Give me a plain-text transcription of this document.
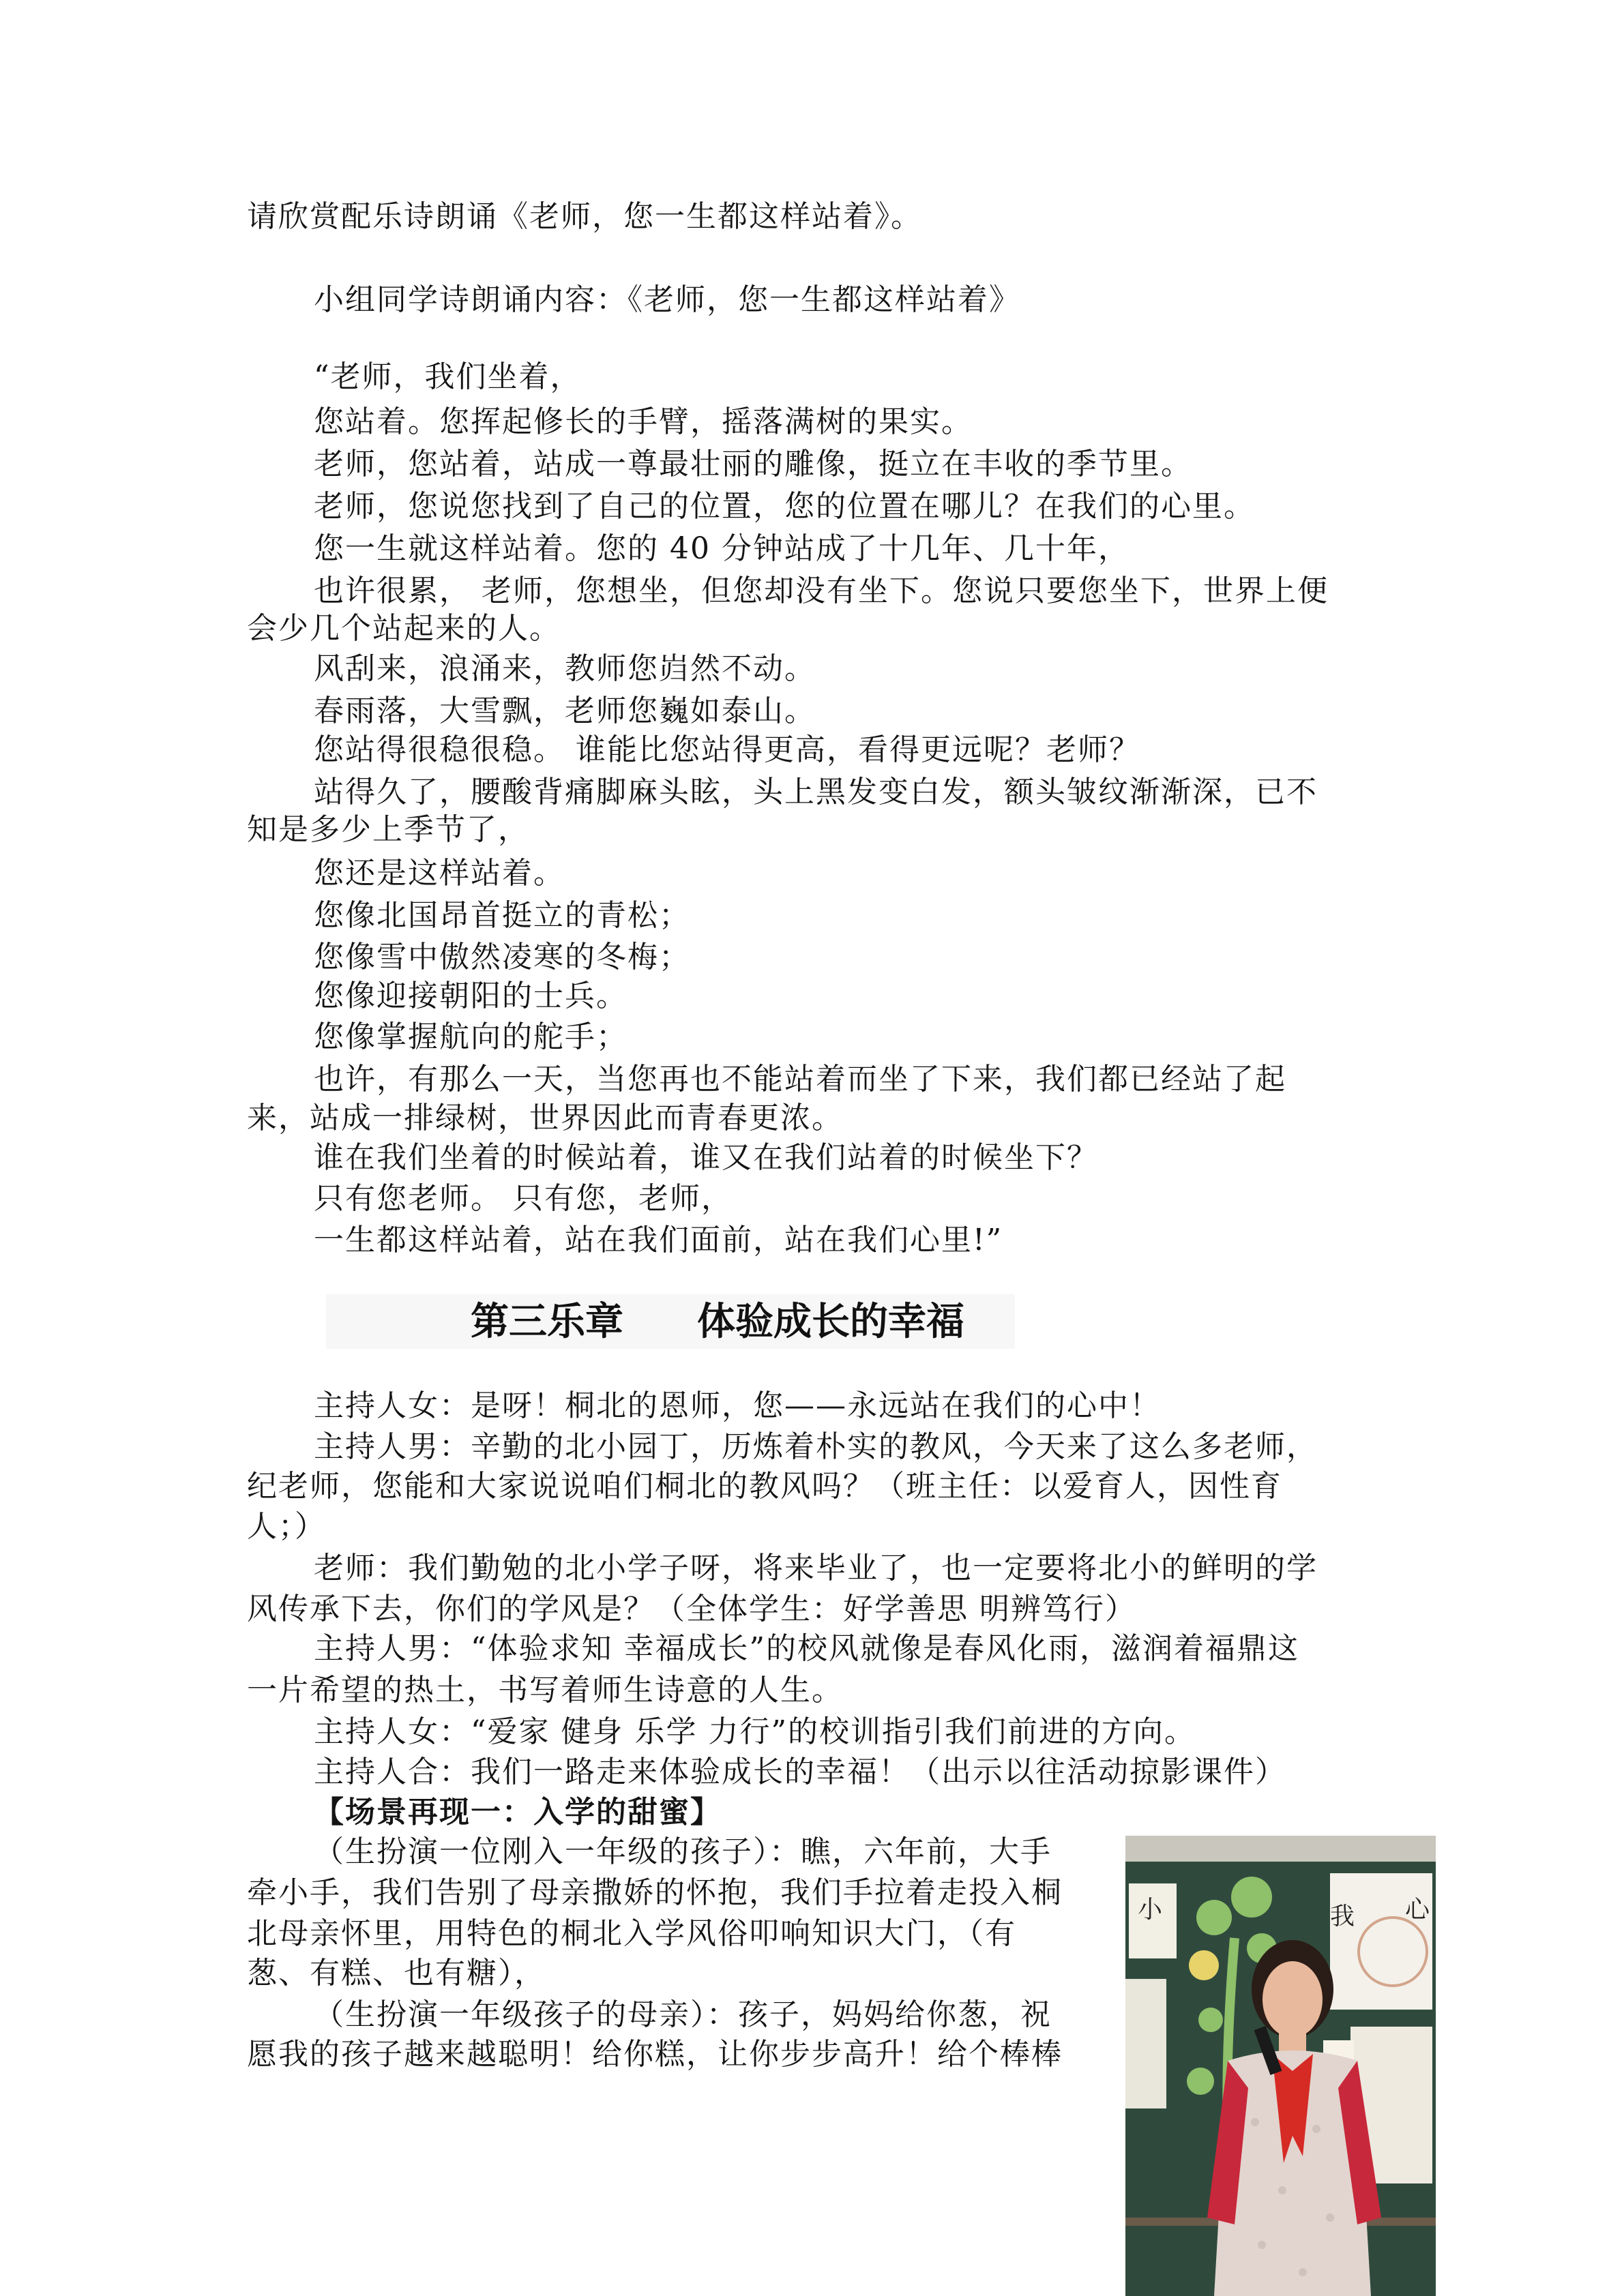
请欣赏配乐诗朗诵《老师，您一生都这样站着》。
小组同学诗朗诵内容：《老师，您一生都这样站着》
“老师，我们坐着，
您站着。您挥起修长的手臂，摇落满树的果实。
老师，您站着，站成一尊最壮丽的雕像，挺立在丰收的季节里。
老师，您说您找到了自己的位置，您的位置在哪儿？在我们的心里。
您一生就这样站着。您的 40 分钟站成了十几年、几十年，
也许很累， 老师，您想坐，但您却没有坐下。您说只要您坐下，世界上便
会少几个站起来的人。
风刮来，浪涌来，教师您岿然不动。
春雨落，大雪飘，老师您巍如泰山。
您站得很稳很稳。 谁能比您站得更高，看得更远呢？老师？
站得久了，腰酸背痛脚麻头眩，头上黑发变白发，额头皱纹渐渐深，已不
知是多少上季节了，
您还是这样站着。
您像北国昂首挺立的青松；
您像雪中傲然凌寒的冬梅；
您像迎接朝阳的士兵。
您像掌握航向的舵手；
也许，有那么一天，当您再也不能站着而坐了下来，我们都已经站了起
来，站成一排绿树，世界因此而青春更浓。
谁在我们坐着的时候站着，谁又在我们站着的时候坐下？
只有您老师。 只有您，老师，
一生都这样站着，站在我们面前，站在我们心里!”
第三乐章 体验成长的幸福
主持人女：是呀！桐北的恩师，您——永远站在我们的心中！
主持人男：辛勤的北小园丁，历炼着朴实的教风，今天来了这么多老师，
纪老师，您能和大家说说咱们桐北的教风吗？（班主任：以爱育人，因性育
人；）
老师：我们勤勉的北小学子呀，将来毕业了，也一定要将北小的鲜明的学
风传承下去，你们的学风是？（全体学生：好学善思 明辨笃行）
主持人男：“体验求知 幸福成长”的校风就像是春风化雨，滋润着福鼎这
一片希望的热土，书写着师生诗意的人生。
主持人女：“爱家 健身 乐学 力行”的校训指引我们前进的方向。
主持人合：我们一路走来体验成长的幸福！（出示以往活动掠影课件）
【场景再现一：入学的甜蜜】
（生扮演一位刚入一年级的孩子）：瞧，六年前，大手
牵小手，我们告别了母亲撒娇的怀抱，我们手拉着走投入桐
北母亲怀里，用特色的桐北入学风俗叩响知识大门，（有
葱、有糕、也有糖），
（生扮演一年级孩子的母亲）：孩子，妈妈给你葱，祝
愿我的孩子越来越聪明！给你糕，让你步步高升！给个棒棒
小	我 心
